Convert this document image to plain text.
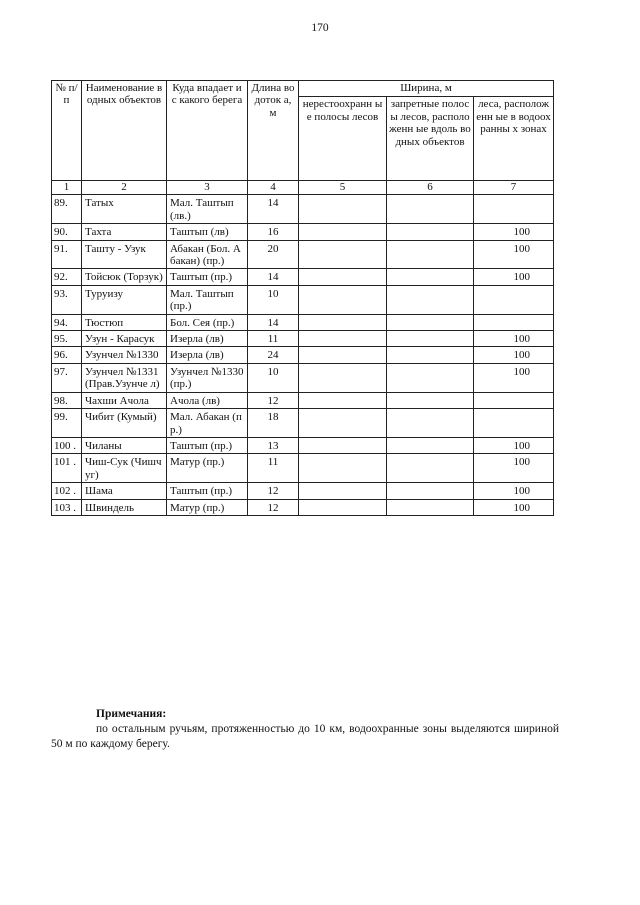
170
№ п/п	Наименование водных объектов	Куда впадает и с какого берега	Длина водоток а, м	Ширина, м		
				нерестоохранн ые полосы лесов	запретные полосы лесов, расположенн ые вдоль водных объектов	леса, расположенн ые в водоохранны х зонах
1	2	3	4	5	6	7
89.	Татых	Мал. Таштып (лв.)	14			
90.	Тахта	Таштып (лв)	16			100
91.	Ташту - Узук	Абакан (Бол. Абакан) (пр.)	20			100
92.	Тойсюк (Торзук)	Таштып (пр.)	14			100
93.	Туруизу	Мал. Таштып (пр.)	10			
94.	Тюстюп	Бол. Сея (пр.)	14			
95.	Узун - Карасук	Изерла (лв)	11			100
96.	Узунчел №1330	Изерла (лв)	24			100
97.	Узунчел №1331 (Прав.Узунче л)	Узунчел №1330 (пр.)	10			100
98.	Чахши Ачола	Ачола (лв)	12			
99.	Чибит (Кумый)	Мал. Абакан (пр.)	18			
100 .	Чиланы	Таштып (пр.)	13			100
101 .	Чиш-Сук (Чишчуг)	Матур (пр.)	11			100
102 .	Шама	Таштып (пр.)	12			100
103 .	Швиндель	Матур (пр.)	12			100
Примечания:
по остальным ручьям, протяженностью до 10 км, водоохранные зоны выделяются шириной 50 м по каждому берегу.
